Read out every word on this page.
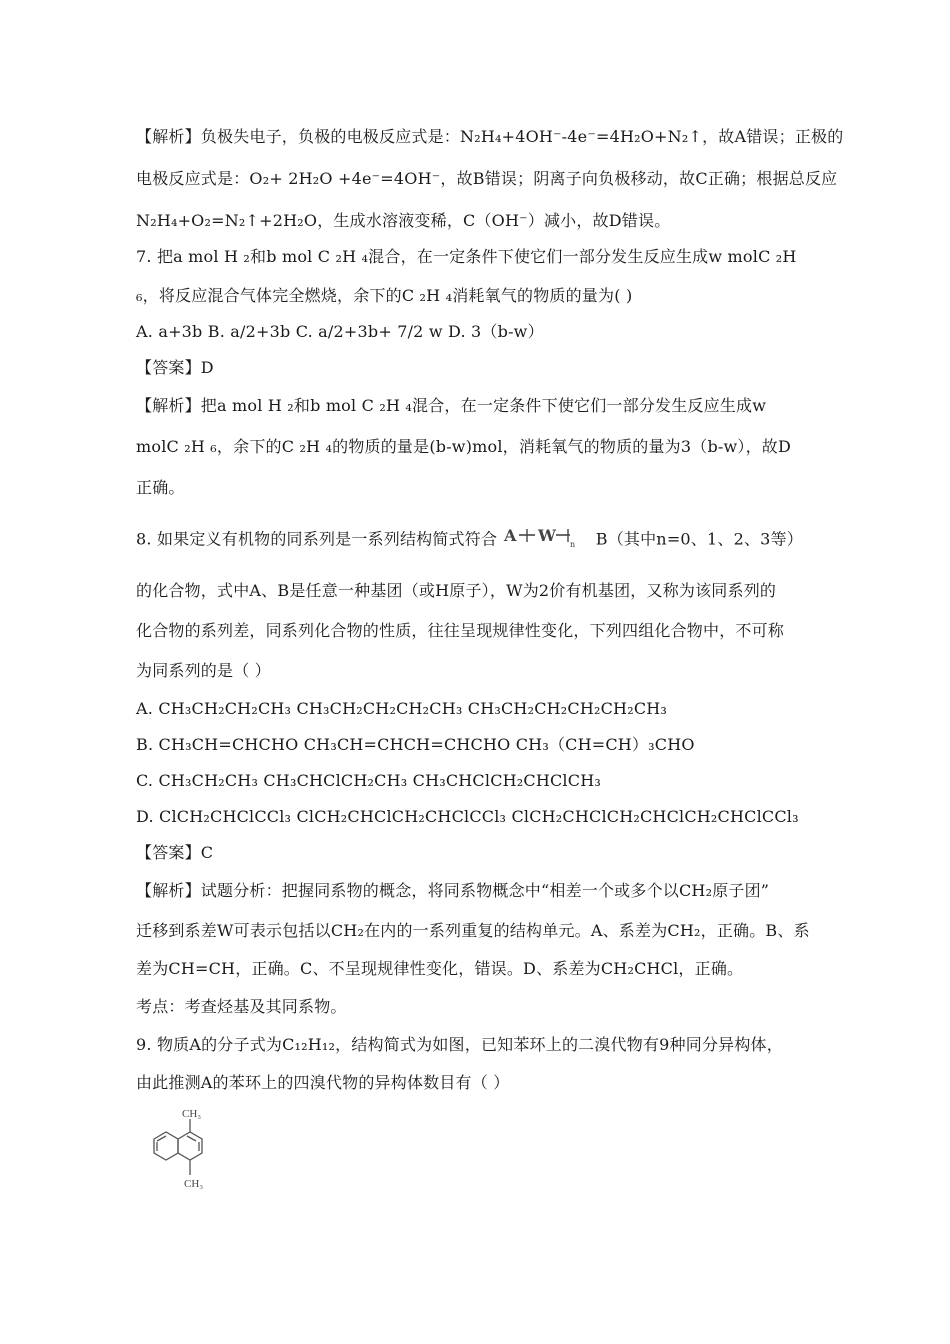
【解析】负极失电子，负极的电极反应式是：N₂H₄+4OH⁻-4e⁻=4H₂O+N₂↑，故A错误；正极的
电极反应式是：O₂+ 2H₂O +4e⁻=4OH⁻，故B错误；阴离子向负极移动，故C正确；根据总反应
N₂H₄+O₂=N₂↑+2H₂O，生成水溶液变稀，C（OH⁻）减小，故D错误。
7. 把a mol H ₂和b mol C ₂H ₄混合，在一定条件下使它们一部分发生反应生成w molC ₂H
₆，将反应混合气体完全燃烧，余下的C ₂H ₄消耗氧气的物质的量为( )
A. a+3b B. a/2+3b C. a/2+3b+ 7/2 w D. 3（b-w）
【答案】D
【解析】把a mol H ₂和b mol C ₂H ₄混合，在一定条件下使它们一部分发生反应生成w
molC ₂H ₆，余下的C ₂H ₄的物质的量是(b-w)mol，消耗氧气的物质的量为3（b-w），故D
正确。
8. 如果定义有机物的同系列是一系列结构简式符合 A W n B（其中n=0、1、2、3等）
的化合物，式中A、B是任意一种基团（或H原子），W为2价有机基团，又称为该同系列的
化合物的系列差，同系列化合物的性质，往往呈现规律性变化，下列四组化合物中，不可称
为同系列的是（ ）
A. CH₃CH₂CH₂CH₃ CH₃CH₂CH₂CH₂CH₃ CH₃CH₂CH₂CH₂CH₂CH₃
B. CH₃CH=CHCHO CH₃CH=CHCH=CHCHO CH₃（CH=CH）₃CHO
C. CH₃CH₂CH₃ CH₃CHClCH₂CH₃ CH₃CHClCH₂CHClCH₃
D. ClCH₂CHClCCl₃ ClCH₂CHClCH₂CHClCCl₃ ClCH₂CHClCH₂CHClCH₂CHClCCl₃
【答案】C
【解析】试题分析：把握同系物的概念，将同系物概念中“相差一个或多个以CH₂原子团”
迁移到系差W可表示包括以CH₂在内的一系列重复的结构单元。A、系差为CH₂，正确。B、系
差为CH=CH，正确。C、不呈现规律性变化，错误。D、系差为CH₂CHCl，正确。
考点：考查烃基及其同系物。
9. 物质A的分子式为C₁₂H₁₂，结构简式为如图，已知苯环上的二溴代物有9种同分异构体，
由此推测A的苯环上的四溴代物的异构体数目有（ ）
CH₃
CH₃
